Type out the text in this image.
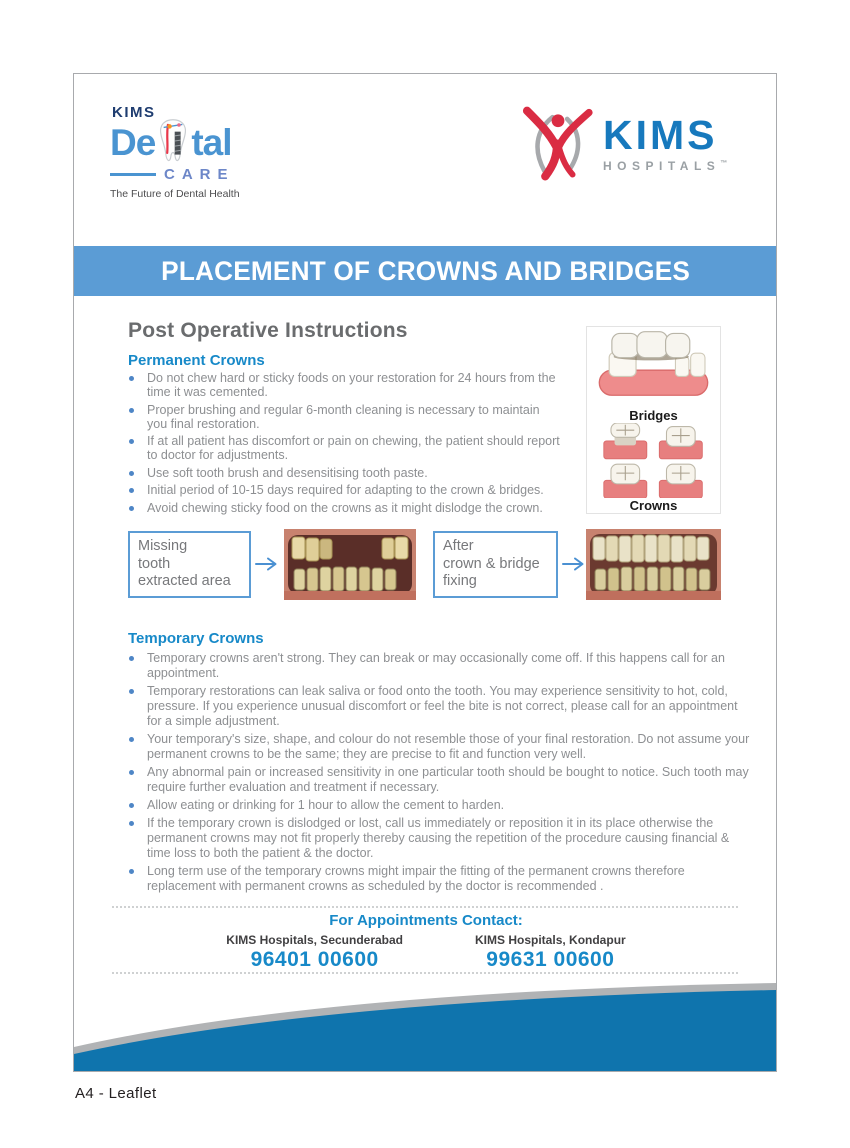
KIMS
De tal
CARE
The Future of Dental Health
KIMS
HOSPITALS™
PLACEMENT OF CROWNS AND BRIDGES
Post Operative Instructions
Permanent Crowns
Do not chew hard or sticky foods on your restoration for 24 hours from the time it was cemented.
Proper brushing and regular 6-month cleaning is necessary to maintain you final restoration.
If at all patient has discomfort or pain on chewing, the patient should report to doctor for adjustments.
Use soft tooth brush and desensitising tooth paste.
Initial period of 10-15 days required for adapting to the crown & bridges.
Avoid chewing sticky food on the crowns as it might dislodge the crown.
Bridges
Crowns
Missing
tooth
extracted area
After
crown & bridge
fixing
Temporary Crowns
Temporary crowns aren't strong. They can break or may occasionally come off. If this happens call for an appointment.
Temporary restorations can leak saliva or food onto the tooth. You may experience sensitivity to hot, cold, pressure. If you experience unusual discomfort or feel the bite is not correct, please call for an appointment for a simple adjustment.
Your temporary's size, shape, and colour do not resemble those of your final restoration. Do not assume your permanent crowns to be the same; they are precise to fit and function very well.
Any abnormal pain or increased sensitivity in one particular tooth should be bought to notice. Such tooth may require further evaluation and treatment if necessary.
Allow eating or drinking for 1 hour to allow the cement to harden.
If the temporary crown is dislodged or lost, call us immediately or reposition it in its place otherwise the permanent crowns may not fit properly thereby causing the repetition of the procedure causing financial & time loss to both the patient & the doctor.
Long term use of the temporary crowns might impair the fitting of the permanent crowns therefore replacement with permanent crowns as scheduled by the doctor is recommended .
For Appointments Contact:
KIMS Hospitals, Secunderabad
96401 00600
KIMS Hospitals, Kondapur
99631 00600
A4 - Leaflet
